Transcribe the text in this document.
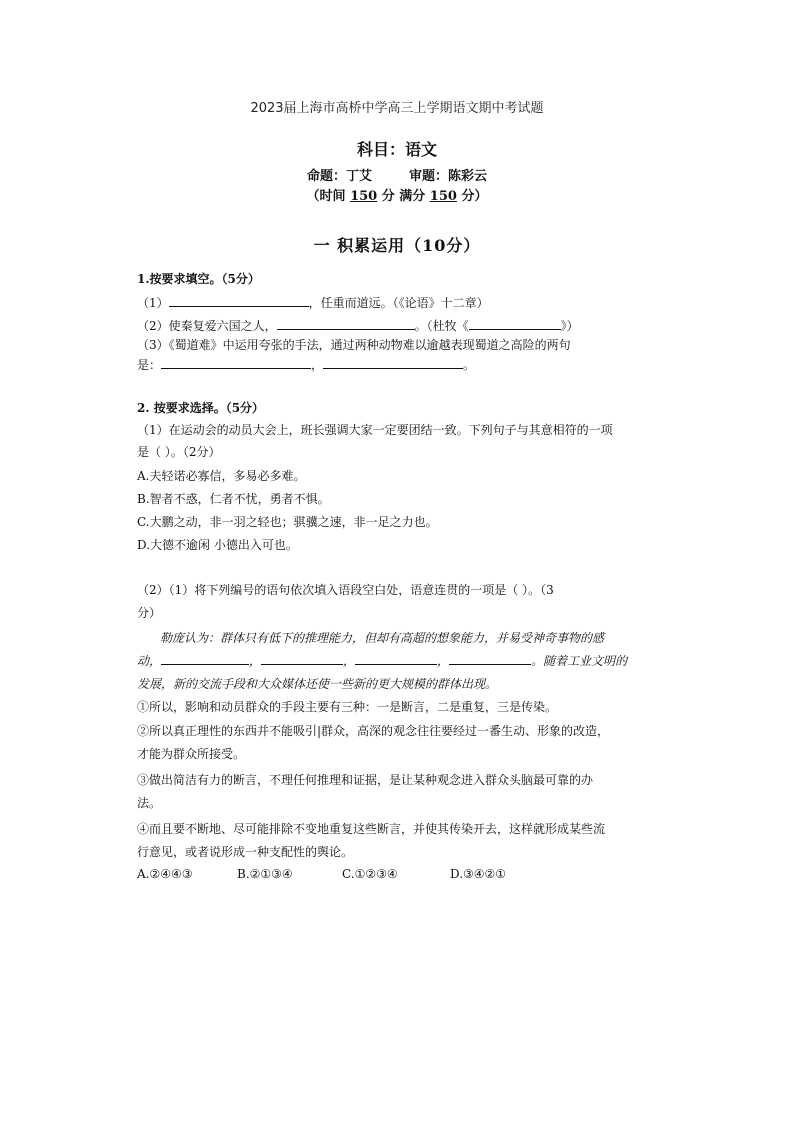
2023届上海市高桥中学高三上学期语文期中考试题
科目：语文
命题：丁艾	审题：陈彩云
（时间 150 分 满分 150 分）
一 积累运用（10分）
1.按要求填空。（5分）
（1）	，任重而道远。（《论语》十二章）
（2）使秦复爱六国之人，	。（杜牧《	》）
（3）《蜀道难》中运用夸张的手法，通过两种动物难以逾越表现蜀道之高险的两句
是：	，	。
2. 按要求选择。（5分）
（1）在运动会的动员大会上，班长强调大家一定要团结一致。下列句子与其意相符的一项
是（ ）。（2分）
A.夫轻诺必寡信，多易必多难。
B.智者不惑，仁者不忧，勇者不惧。
C.大鹏之动，非一羽之轻也；骐骥之速，非一足之力也。
D.大德不逾闲 小德出入可也。
（2）（1）将下列编号的语句依次填入语段空白处，语意连贯的一项是（ ）。（3
分）
勒庞认为：群体只有低下的推理能力，但却有高超的想象能力，并易受神奇事物的感
动，	，	，	，	。随着工业文明的
发展，新的交流手段和大众媒体还使一些新的更大规模的群体出现。
①所以，影响和动员群众的手段主要有三种：一是断言，二是重复，三是传染。
②所以真正理性的东西并不能吸引|群众，高深的观念往往要经过一番生动、形象的改造，
才能为群众所接受。
③做出简洁有力的断言，不理任何推理和证据，是让某种观念进入群众头脑最可靠的办
法。
④而且要不断地、尽可能排除不变地重复这些断言，并使其传染开去，这样就形成某些流
行意见，或者说形成一种支配性的舆论。
A.②④④③	B.②①③④	C.①②③④	D.③④②①
